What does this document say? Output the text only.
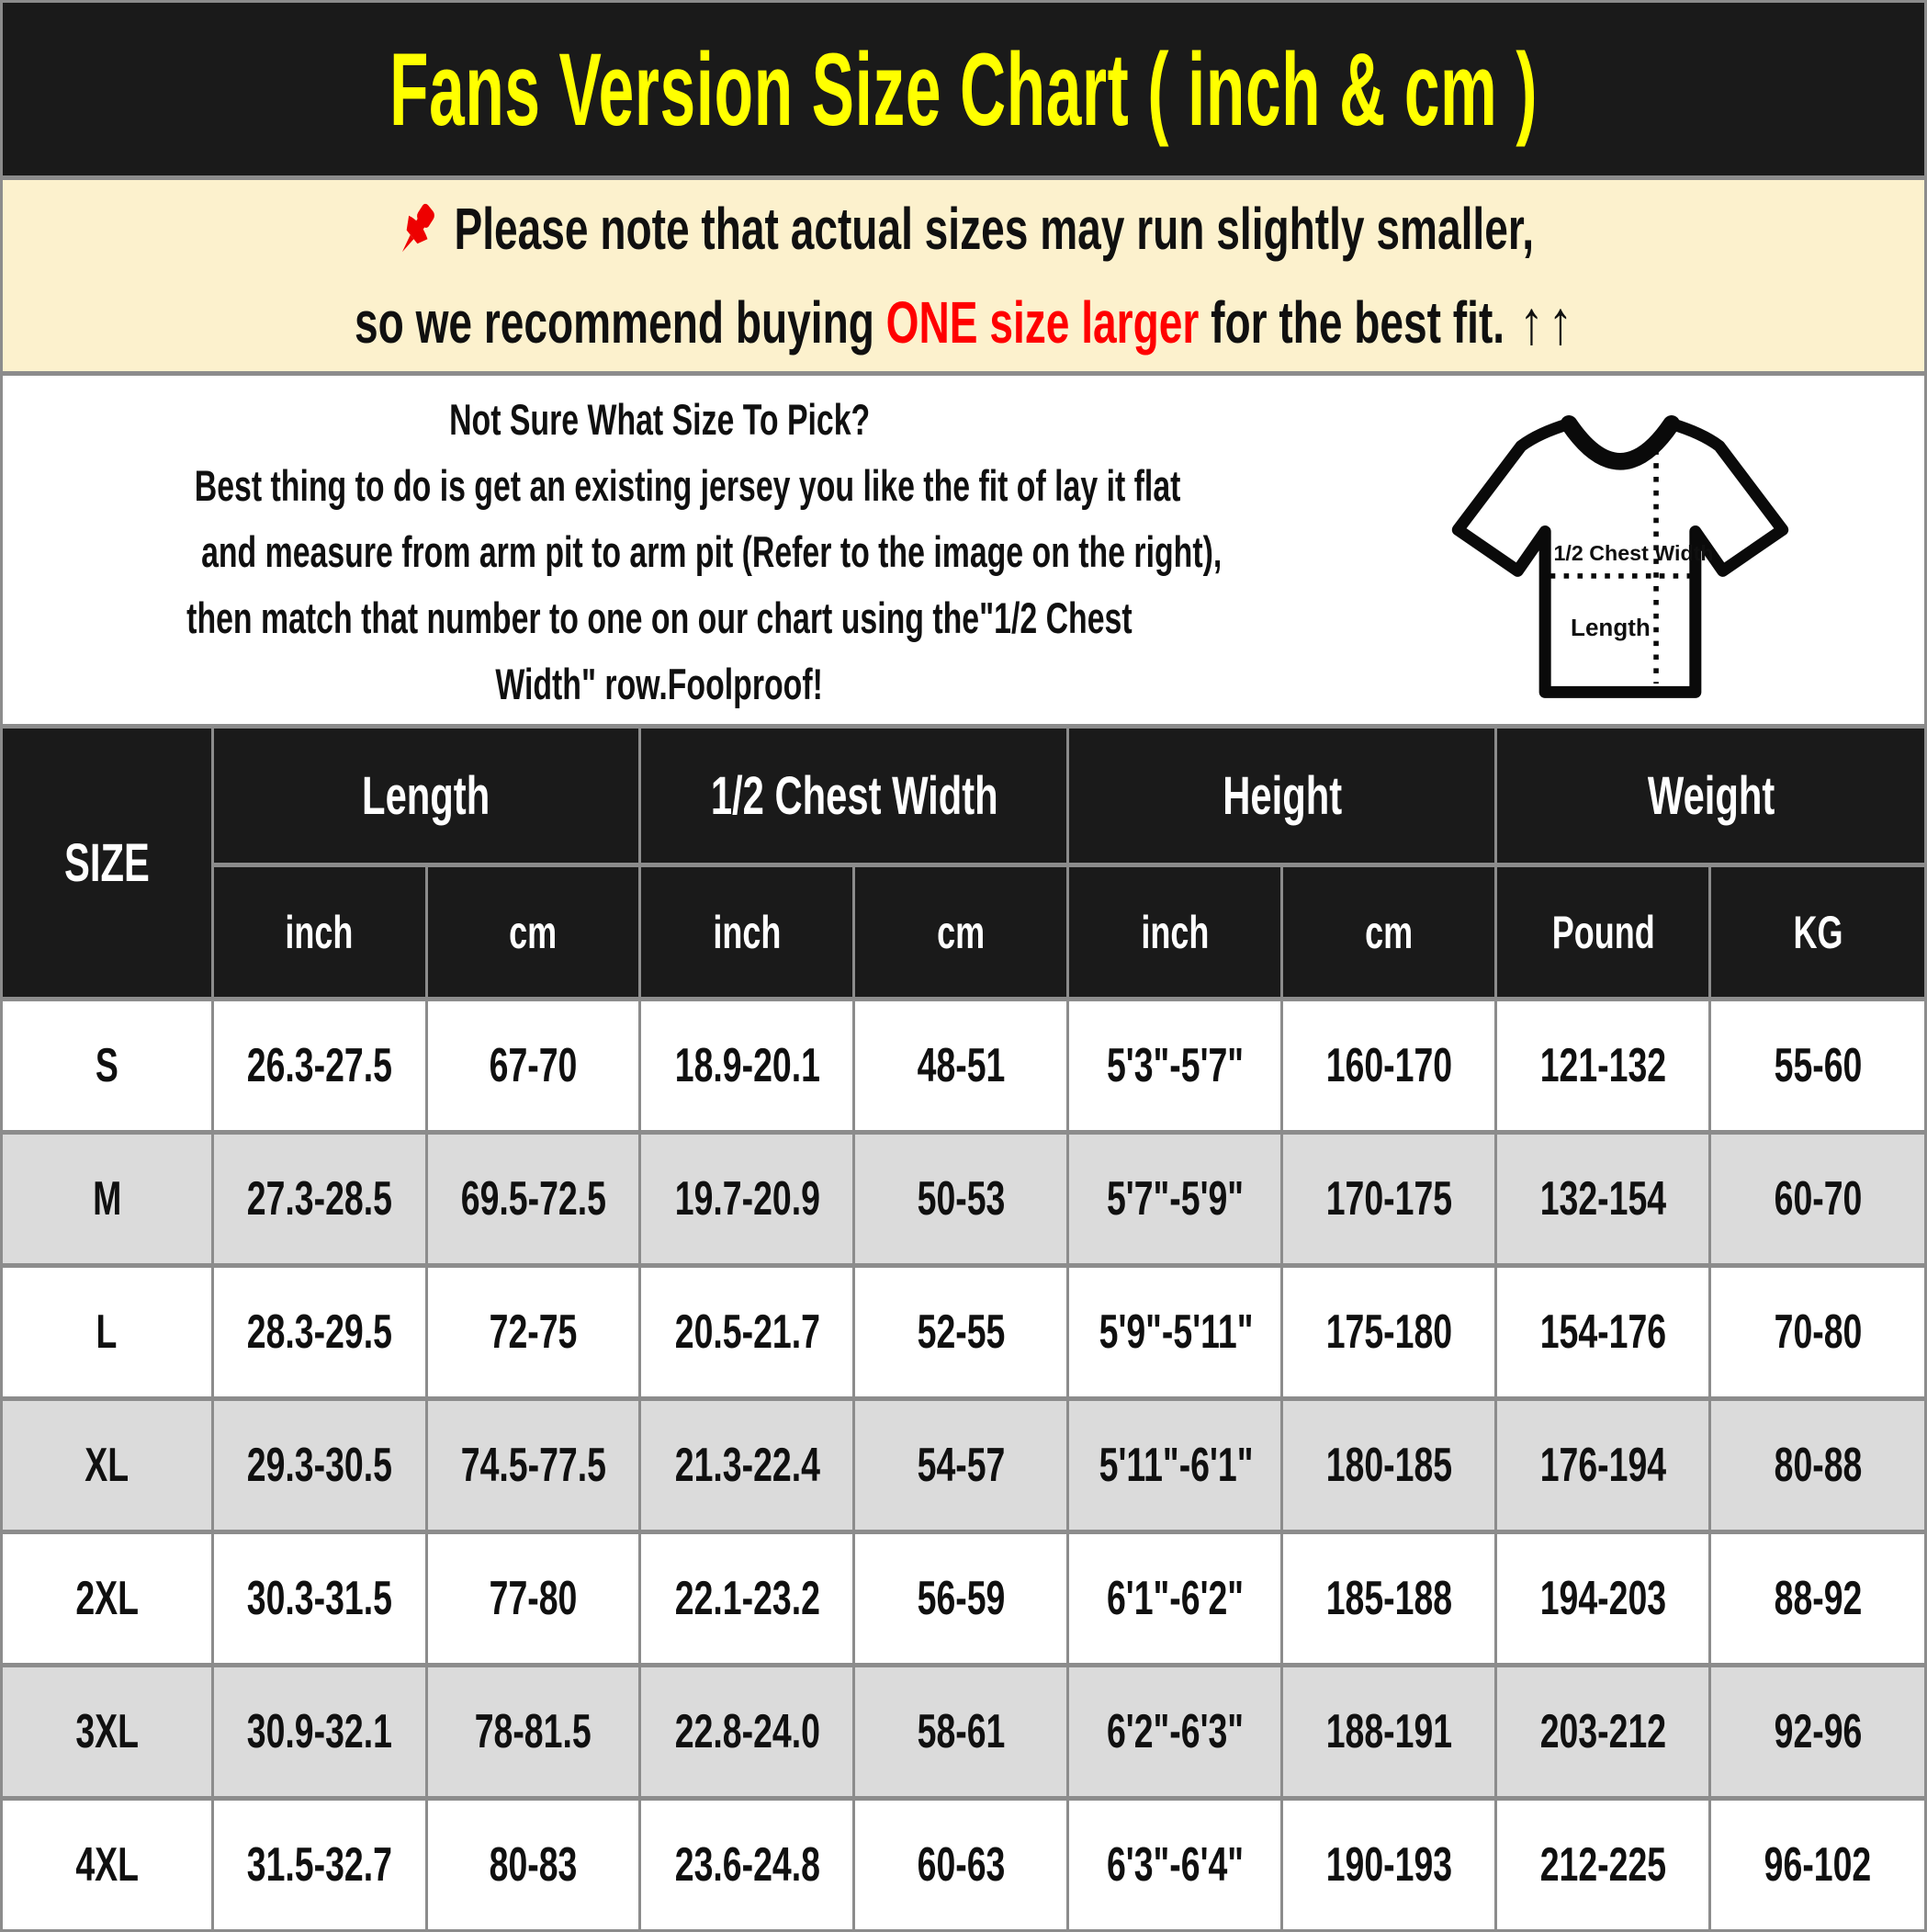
Fans Version Size Chart ( inch & cm )
Please note that actual sizes may run slightly smaller,
so we recommend buying ONE size larger for the best fit. ↑↑
Not Sure What Size To Pick?
Best thing to do is get an existing jersey you like the fit of lay it flat
and measure from arm pit to arm pit (Refer to the image on the right),
then match that number to one on our chart using the"1/2 Chest
Width" row.Foolproof!
1/2 Chest Width
Length
SIZE	Length		1/2 Chest Width		Height		Weight	
	inch	cm	inch	cm	inch	cm	Pound	KG
S	26.3-27.5	67-70	18.9-20.1	48-51	5'3"-5'7"	160-170	121-132	55-60
M	27.3-28.5	69.5-72.5	19.7-20.9	50-53	5'7"-5'9"	170-175	132-154	60-70
L	28.3-29.5	72-75	20.5-21.7	52-55	5'9"-5'11"	175-180	154-176	70-80
XL	29.3-30.5	74.5-77.5	21.3-22.4	54-57	5'11"-6'1"	180-185	176-194	80-88
2XL	30.3-31.5	77-80	22.1-23.2	56-59	6'1"-6'2"	185-188	194-203	88-92
3XL	30.9-32.1	78-81.5	22.8-24.0	58-61	6'2"-6'3"	188-191	203-212	92-96
4XL	31.5-32.7	80-83	23.6-24.8	60-63	6'3"-6'4"	190-193	212-225	96-102
